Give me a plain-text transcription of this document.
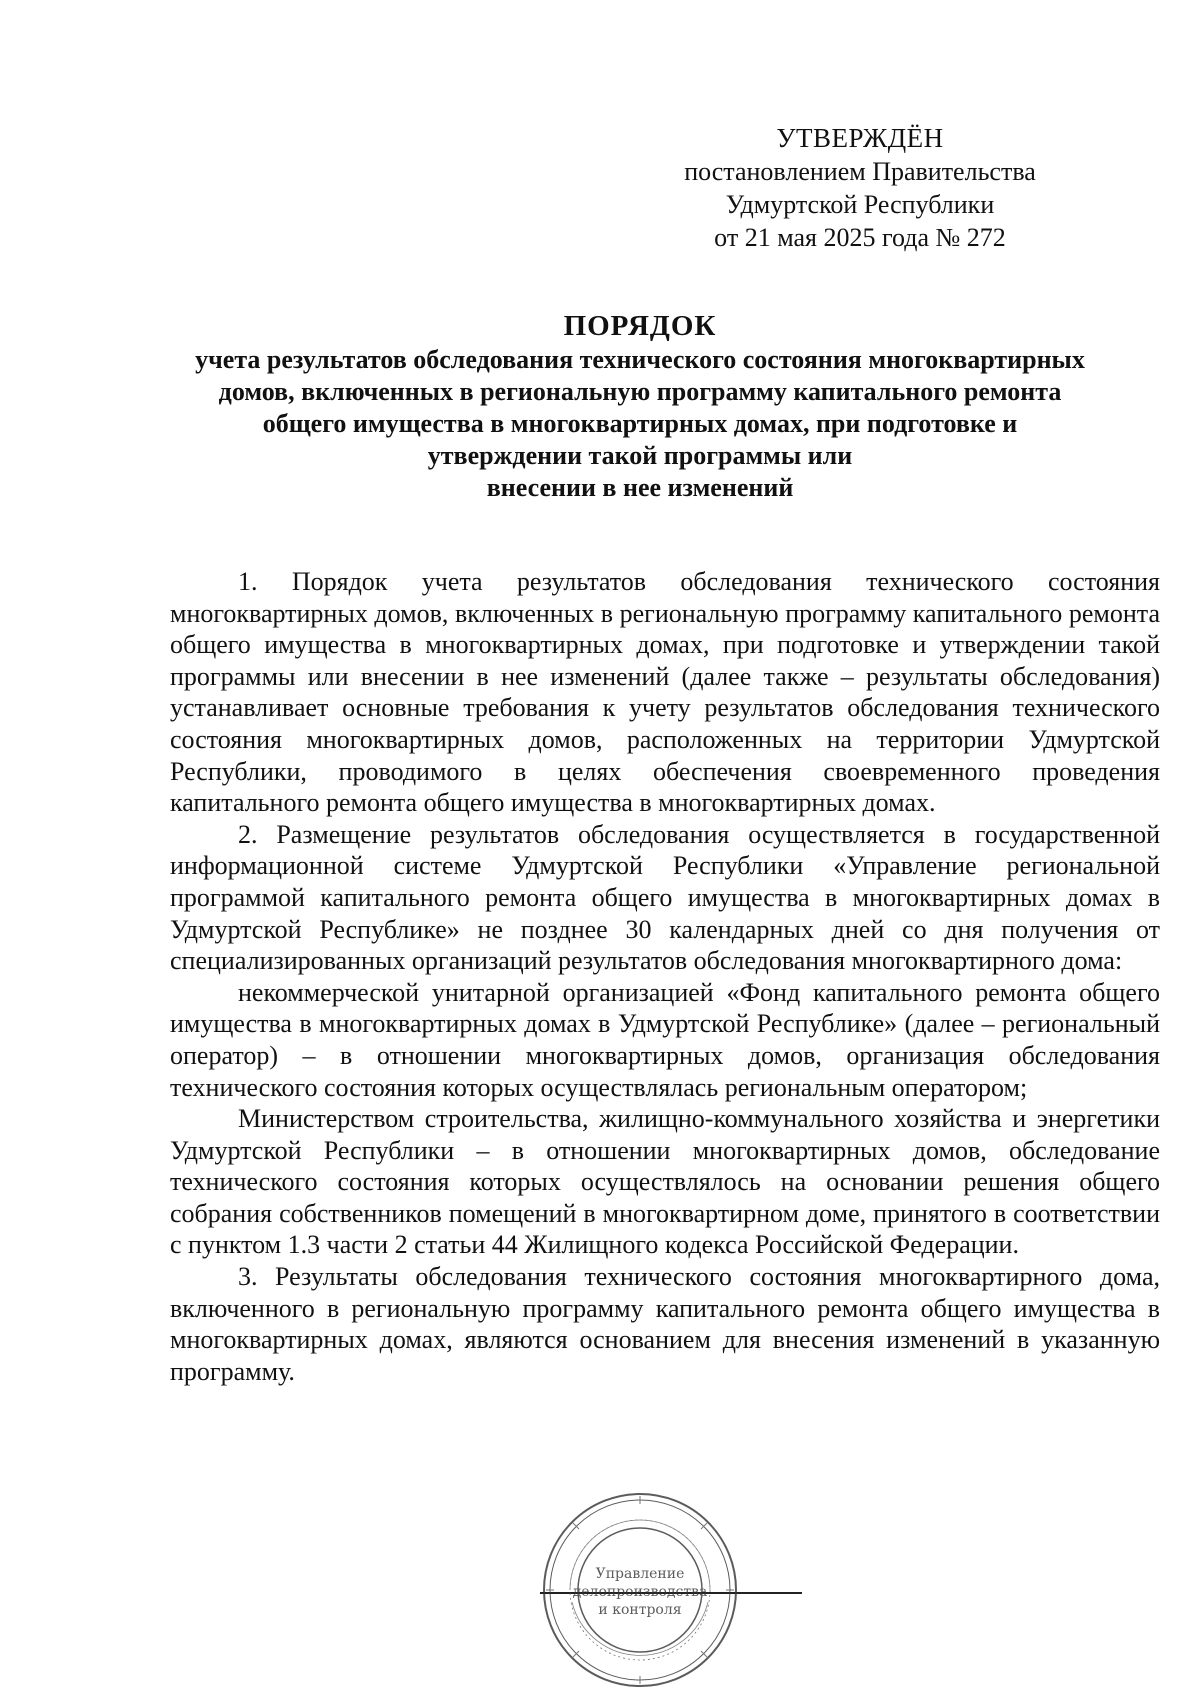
УТВЕРЖДЁН
постановлением Правительства
Удмуртской Республики
от 21 мая 2025 года № 272
ПОРЯДОК
учета результатов обследования технического состояния многоквартирных
домов, включенных в региональную программу капитального ремонта
общего имущества в многоквартирных домах, при подготовке и
утверждении такой программы или
внесении в нее изменений

1. Порядок учета результатов обследования технического состояния многоквартирных домов, включенных в региональную программу капитального ремонта общего имущества в многоквартирных домах, при подготовке и утверждении такой программы или внесении в нее изменений (далее также – результаты обследования) устанавливает основные требования к учету результатов обследования технического состояния многоквартирных домов, расположенных на территории Удмуртской Республики, проводимого в целях обеспечения своевременного проведения капитального ремонта общего имущества в многоквартирных домах.

2. Размещение результатов обследования осуществляется в государственной информационной системе Удмуртской Республики «Управление региональной программой капитального ремонта общего имущества в многоквартирных домах в Удмуртской Республике» не позднее 30 календарных дней со дня получения от специализированных организаций результатов обследования многоквартирного дома:

некоммерческой унитарной организацией «Фонд капитального ремонта общего имущества в многоквартирных домах в Удмуртской Республике» (далее – региональный оператор) – в отношении многоквартирных домов, организация обследования технического состояния которых осуществлялась региональным оператором;

Министерством строительства, жилищно-коммунального хозяйства и энергетики Удмуртской Республики – в отношении многоквартирных домов, обследование технического состояния которых осуществлялось на основании решения общего собрания собственников помещений в многоквартирном доме, принятого в соответствии с пунктом 1.3 части 2 статьи 44 Жилищного кодекса Российской Федерации.

3. Результаты обследования технического состояния многоквартирного дома, включенного в региональную программу капитального ремонта общего имущества в многоквартирных домах, являются основанием для внесения изменений в указанную программу.

Управление
делопроизводства
и контроля
